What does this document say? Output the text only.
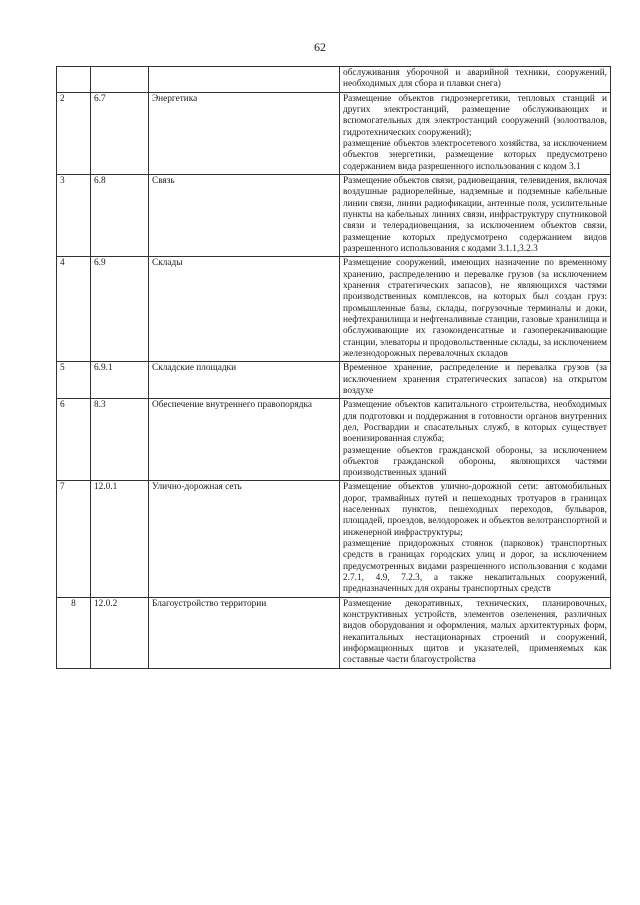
62

			обслуживания уборочной и аварийной техники, сооружений, необходимых для сбора и плавки снега)

2	6.7	Энергетика	Размещение объектов гидроэнергетики, тепловых станций и других электростанций, размещение обслуживающих и вспомогательных для электростанций сооружений (золоотвалов, гидротехнических сооружений);

размещение объектов электросетевого хозяйства, за исключением объектов энергетики, размещение которых предусмотрено содержанием вида разрешенного использования с кодом 3.1

3	6.8	Связь	Размещение объектов связи, радиовещания, телевидения, включая воздушные радиорелейные, надземные и подземные кабельные линии связи, линии радиофикации, антенные поля, усилительные пункты на кабельных линиях связи, инфраструктуру спутниковой связи и телерадиовещания, за исключением объектов связи, размещение которых предусмотрено содержанием видов разрешенного использования с кодами 3.1.1,3.2.3

4	6.9	Склады	Размещение сооружений, имеющих назначение по временному хранению, распределению и перевалке грузов (за исключением хранения стратегических запасов), не являющихся частями производственных комплексов, на которых был создан груз: промышленные базы, склады, погрузочные терминалы и доки, нефтехранилища и нефтеналивные станции, газовые хранилища и обслуживающие их газоконденсатные и газоперекачивающие станции, элеваторы и продовольственные склады, за исключением железнодорожных перевалочных складов

5	6.9.1	Складские площадки	Временное хранение, распределение и перевалка грузов (за исключением хранения стратегических запасов) на открытом воздухе

6	8.3	Обеспечение внутреннего правопорядка	Размещение объектов капитального строительства, необходимых для подготовки и поддержания в готовности органов внутренних дел, Росгвардии и спасательных служб, в которых существует военизированная служба;

размещение объектов гражданской обороны, за исключением объектов гражданской обороны, являющихся частями производственных зданий

7	12.0.1	Улично-дорожная сеть	Размещение объектов улично-дорожной сети: автомобильных дорог, трамвайных путей и пешеходных тротуаров в границах населенных пунктов, пешеходных переходов, бульваров, площадей, проездов, велодорожек и объектов велотранспортной и инженерной инфраструктуры;

размещение придорожных стоянок (парковок) транспортных средств в границах городских улиц и дорог, за исключением предусмотренных видами разрешенного использования с кодами 2.7.1, 4.9, 7.2.3, а также некапитальных сооружений, предназначенных для охраны транспортных средств

8	12.0.2	Благоустройство территории	Размещение декоративных, технических, планировочных, конструктивных устройств, элементов озеленения, различных видов оборудования и оформления, малых архитектурных форм, некапитальных нестационарных строений и сооружений, информационных щитов и указателей, применяемых как составные части благоустройства
